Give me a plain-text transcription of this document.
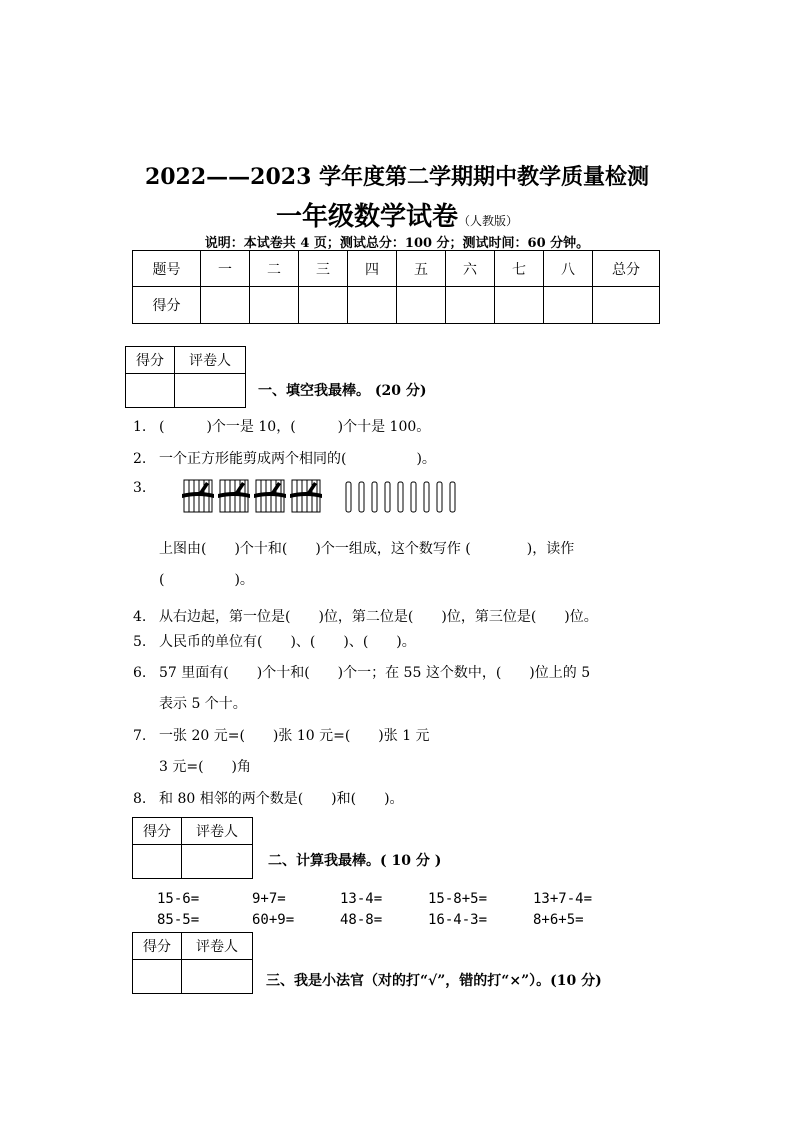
2022——2023 学年度第二学期期中教学质量检测
一年级数学试卷（人教版）
说明：本试卷共 4 页；测试总分：100 分；测试时间：60 分钟。
题号	一	二	三	四	五	六	七	八	总分
得分									
得分	评卷人

一、填空我最棒。 (20 分)
1. (　　　)个一是 10，(　　　)个十是 100。
2. 一个正方形能剪成两个相同的(　　　　　)。
3.
上图由(　　)个十和(　　)个一组成，这个数写作 (　　　　)，读作
(　　　　　)。
4. 从右边起，第一位是(　　)位，第二位是(　　)位，第三位是(　　)位。
5. 人民币的单位有(　　)、(　　)、(　　)。
6. 57 里面有(　　)个十和(　　)个一；在 55 这个数中，(　　)位上的 5
表示 5 个十。
7. 一张 20 元=(　　)张 10 元=(　　)张 1 元
3 元=(　　)角
8. 和 80 相邻的两个数是(　　)和(　　)。
得分	评卷人

二、计算我最棒。( 10 分 )
15-6=	9+7=	13-4=	15-8+5=	13+7-4=
85-5=	60+9=	48-8=	16-4-3=	8+6+5=
得分	评卷人

三、我是小法官（对的打“√”，错的打“×”）。(10 分)
